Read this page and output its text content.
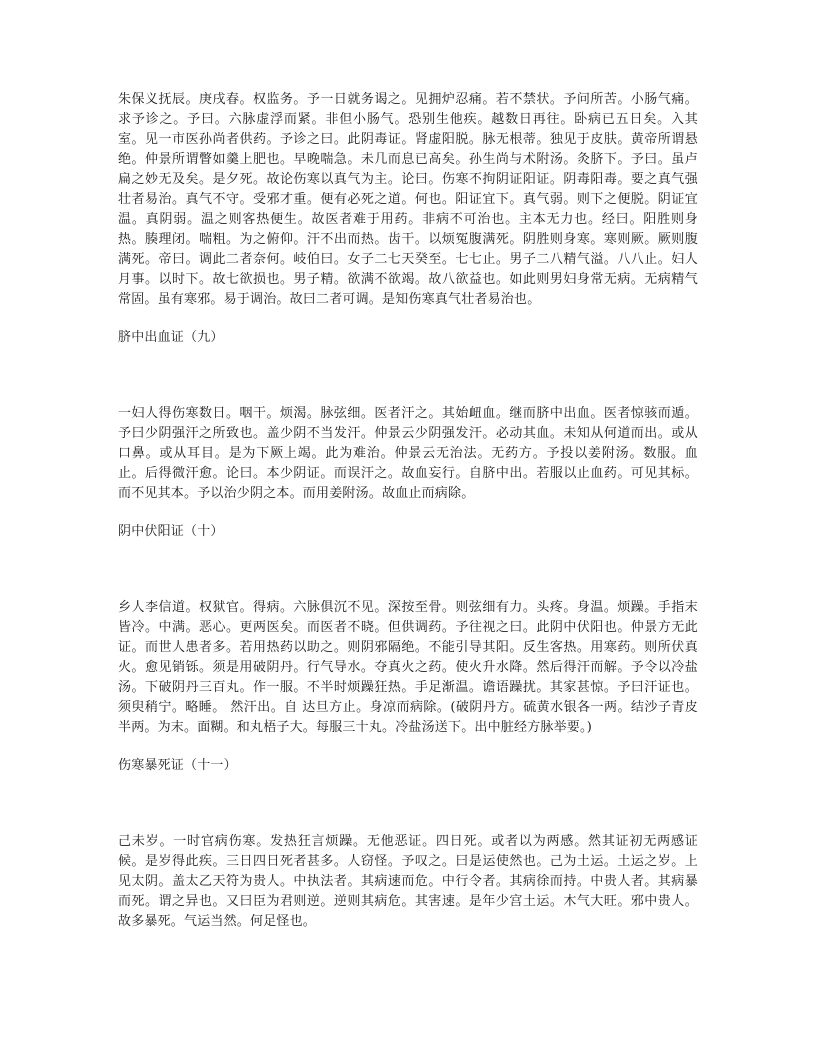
朱保义抚辰。庚戌春。权监务。予一日就务谒之。见拥炉忍痛。若不禁状。予问所苦。小肠气痛。求予诊之。予曰。六脉虚浮而紧。非但小肠气。恐别生他疾。越数日再往。卧病已五日矣。入其室。见一市医孙尚者供药。予诊之曰。此阴毒证。肾虚阳脱。脉无根蒂。独见于皮肤。黄帝所谓悬绝。仲景所谓瞥如羹上肥也。早晚喘急。未几而息已高矣。孙生尚与术附汤。灸脐下。予曰。虽卢扁之妙无及矣。是夕死。故论伤寒以真气为主。论曰。伤寒不拘阴证阳证。阴毒阳毒。要之真气强壮者易治。真气不守。受邪才重。便有必死之道。何也。阳证宜下。真气弱。则下之便脱。阴证宜温。真阴弱。温之则客热便生。故医者难于用药。非病不可治也。主本无力也。经曰。阳胜则身热。腠理闭。喘粗。为之俯仰。汗不出而热。齿干。以烦冤腹满死。阴胜则身寒。寒则厥。厥则腹满死。帝曰。调此二者奈何。岐伯曰。女子二七天癸至。七七止。男子二八精气溢。八八止。妇人月事。以时下。故七欲损也。男子精。欲满不欲竭。故八欲益也。如此则男妇身常无病。无病精气常固。虽有寒邪。易于调治。故曰二者可调。是知伤寒真气壮者易治也。

脐中出血证（九）

一妇人得伤寒数日。咽干。烦渴。脉弦细。医者汗之。其始衄血。继而脐中出血。医者惊骇而遁。予曰少阴强汗之所致也。盖少阴不当发汗。仲景云少阴强发汗。必动其血。未知从何道而出。或从口鼻。或从耳目。是为下厥上竭。此为难治。仲景云无治法。无药方。予投以姜附汤。数服。血止。后得微汗愈。论曰。本少阴证。而误汗之。故血妄行。自脐中出。若服以止血药。可见其标。而不见其本。予以治少阴之本。而用姜附汤。故血止而病除。

阴中伏阳证（十）

乡人李信道。权狱官。得病。六脉俱沉不见。深按至骨。则弦细有力。头疼。身温。烦躁。手指末皆冷。中满。恶心。更两医矣。而医者不晓。但供调药。予往视之曰。此阴中伏阳也。仲景方无此证。而世人患者多。若用热药以助之。则阴邪隔绝。不能引导其阳。反生客热。用寒药。则所伏真火。愈见销铄。须是用破阴丹。行气导水。夺真火之药。使火升水降。然后得汗而解。予令以冷盐汤。下破阴丹三百丸。作一服。不半时烦躁狂热。手足渐温。谵语躁扰。其家甚惊。予曰汗证也。须臾稍宁。略睡。 然汗出。自 达旦方止。身凉而病除。(破阴丹方。硫黄水银各一两。结沙子青皮半两。为末。面糊。和丸梧子大。每服三十丸。冷盐汤送下。出中脏经方脉举要。)

伤寒暴死证（十一）

己未岁。一时官病伤寒。发热狂言烦躁。无他恶证。四日死。或者以为两感。然其证初无两感证候。是岁得此疾。三日四日死者甚多。人窃怪。予叹之。曰是运使然也。己为土运。土运之岁。上见太阴。盖太乙天符为贵人。中执法者。其病速而危。中行令者。其病徐而持。中贵人者。其病暴而死。谓之异也。又曰臣为君则逆。逆则其病危。其害速。是年少宫土运。木气大旺。邪中贵人。故多暴死。气运当然。何足怪也。
